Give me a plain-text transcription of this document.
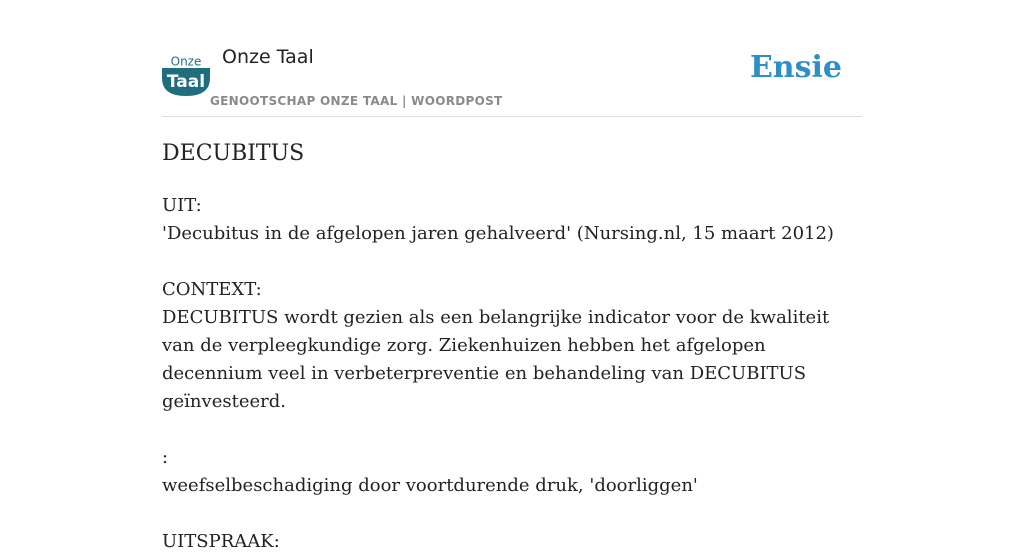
Onze
Taal
Onze Taal
GENOOTSCHAP ONZE TAAL | WOORDPOST
Ensie
DECUBITUS

UIT:

'Decubitus in de afgelopen jaren gehalveerd' (Nursing.nl, 15 maart 2012)

CONTEXT:

DECUBITUS wordt gezien als een belangrijke indicator voor de kwaliteit van de verpleegkundige zorg. Ziekenhuizen hebben het afgelopen decennium veel in verbeterpreventie en behandeling van DECUBITUS geïnvesteerd.

:

weefselbeschadiging door voortdurende druk, 'doorliggen'

UITSPRAAK:
